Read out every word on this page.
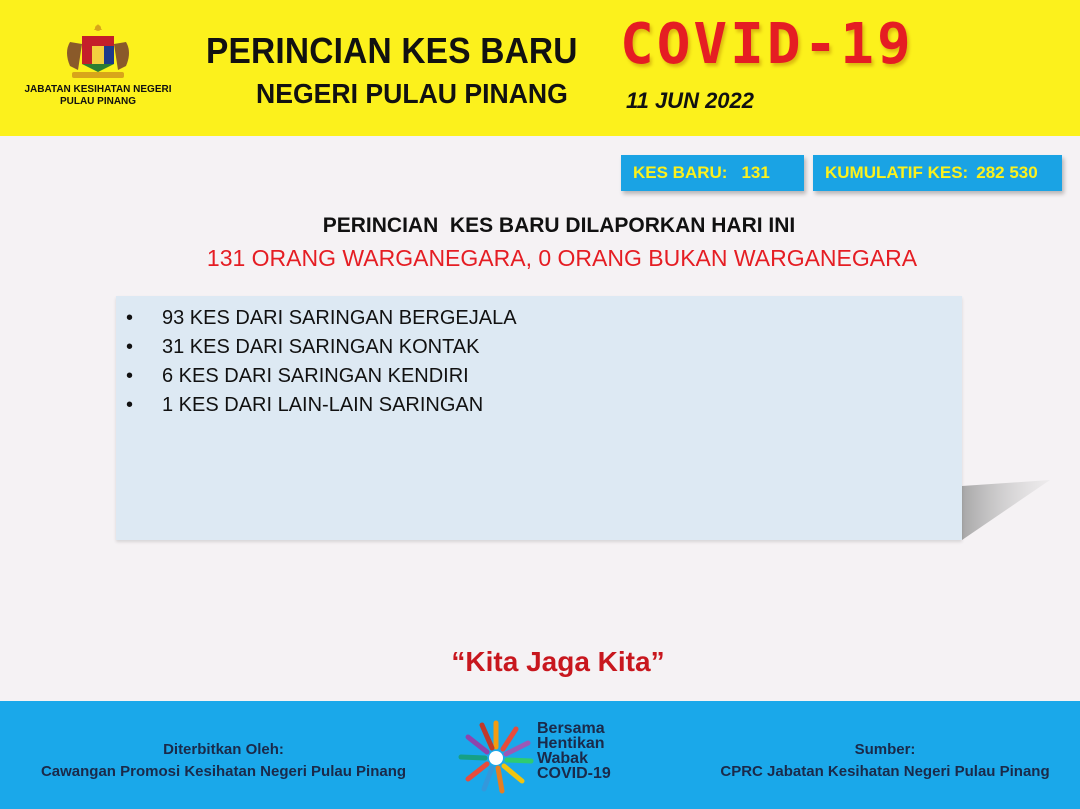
JABATAN KESIHATAN NEGERI
PULAU PINANG
PERINCIAN KES BARU COVID-19
NEGERI PULAU PINANG	11 JUN 2022
KES BARU: 131	KUMULATIF KES: 282 530
PERINCIAN  KES BARU DILAPORKAN HARI INI
131 ORANG WARGANEGARA, 0 ORANG BUKAN WARGANEGARA
• 93 KES DARI SARINGAN BERGEJALA
• 31 KES DARI SARINGAN KONTAK
• 6 KES DARI SARINGAN KENDIRI
• 1 KES DARI LAIN-LAIN SARINGAN
“Kita Jaga Kita”
Diterbitkan Oleh:
Cawangan Promosi Kesihatan Negeri Pulau Pinang
Bersama
Hentikan
Wabak
COVID-19
Sumber:
CPRC Jabatan Kesihatan Negeri Pulau Pinang
